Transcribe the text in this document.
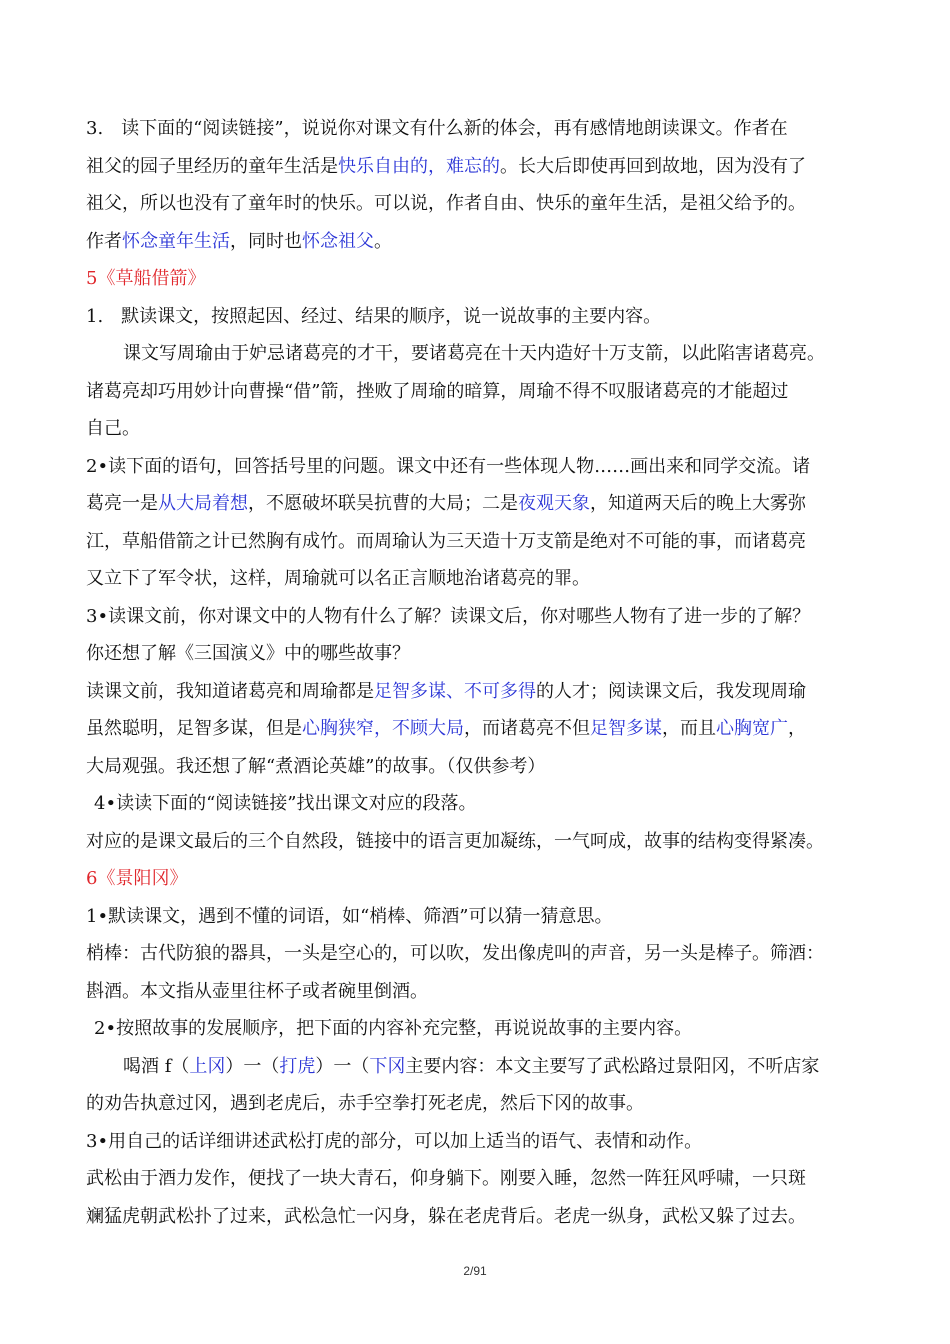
3.　读下面的“阅读链接”，说说你对课文有什么新的体会，再有感情地朗读课文。作者在
祖父的园子里经历的童年生活是快乐自由的，难忘的。长大后即使再回到故地，因为没有了
祖父，所以也没有了童年时的快乐。可以说，作者自由、快乐的童年生活，是祖父给予的。
作者怀念童年生活，同时也怀念祖父。
5《草船借箭》
1.　默读课文，按照起因、经过、结果的顺序，说一说故事的主要内容。
课文写周瑜由于妒忌诸葛亮的才干，要诸葛亮在十天内造好十万支箭，以此陷害诸葛亮。
诸葛亮却巧用妙计向曹操“借”箭，挫败了周瑜的暗算，周瑜不得不叹服诸葛亮的才能超过
自己。
2•读下面的语句，回答括号里的问题。课文中还有一些体现人物……画出来和同学交流。诸
葛亮一是从大局着想，不愿破坏联吴抗曹的大局；二是夜观天象，知道两天后的晚上大雾弥
江，草船借箭之计已然胸有成竹。而周瑜认为三天造十万支箭是绝对不可能的事，而诸葛亮
又立下了军令状，这样，周瑜就可以名正言顺地治诸葛亮的罪。
3•读课文前，你对课文中的人物有什么了解？读课文后，你对哪些人物有了进一步的了解？
你还想了解《三国演义》中的哪些故事？
读课文前，我知道诸葛亮和周瑜都是足智多谋、不可多得的人才；阅读课文后，我发现周瑜
虽然聪明，足智多谋，但是心胸狭窄，不顾大局，而诸葛亮不但足智多谋，而且心胸宽广，
大局观强。我还想了解“煮酒论英雄”的故事。（仅供参考）
4•读读下面的“阅读链接”找出课文对应的段落。
对应的是课文最后的三个自然段，链接中的语言更加凝练，一气呵成，故事的结构变得紧凑。
6《景阳冈》
1•默读课文，遇到不懂的词语，如“梢棒、筛酒”可以猜一猜意思。
梢棒：古代防狼的器具，一头是空心的，可以吹，发出像虎叫的声音，另一头是棒子。筛酒：
斟酒。本文指从壶里往杯子或者碗里倒酒。
2•按照故事的发展顺序，把下面的内容补充完整，再说说故事的主要内容。
喝酒 f（上冈）一（打虎）一（下冈主要内容：本文主要写了武松路过景阳冈，不听店家
的劝告执意过冈，遇到老虎后，赤手空拳打死老虎，然后下冈的故事。
3•用自己的话详细讲述武松打虎的部分，可以加上适当的语气、表情和动作。
武松由于酒力发作，便找了一块大青石，仰身躺下。刚要入睡，忽然一阵狂风呼啸，一只斑
斓猛虎朝武松扑了过来，武松急忙一闪身，躲在老虎背后。老虎一纵身，武松又躲了过去。
2/91
